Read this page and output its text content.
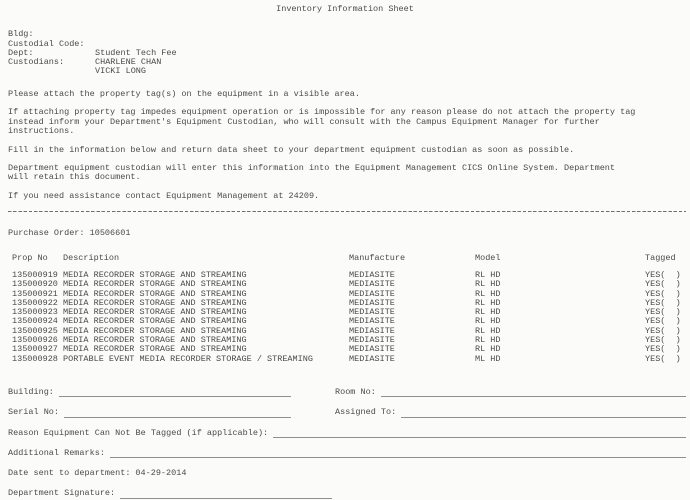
Inventory Information Sheet
Bldg:
Custodial Code:
Dept:	Student Tech Fee
Custodians:	CHARLENE CHAN
VICKI LONG
Please attach the property tag(s) on the equipment in a visible area.
If attaching property tag impedes equipment operation or is impossible for any reason please do not attach the property tag
instead inform your Department's Equipment Custodian, who will consult with the Campus Equipment Manager for further
instructions.
Fill in the information below and return data sheet to your department equipment custodian as soon as possible.
Department equipment custodian will enter this information into the Equipment Management CICS Online System. Department
will retain this document.
If you need assistance contact Equipment Management at 24209.
Purchase Order: 10506601
Prop No Description	Manufacture	Model	Tagged
135000919 MEDIA RECORDER STORAGE AND STREAMING	MEDIASITE	RL HD	YES(  )
135000920 MEDIA RECORDER STORAGE AND STREAMING	MEDIASITE	RL HD	YES(  )
135000921 MEDIA RECORDER STORAGE AND STREAMING	MEDIASITE	RL HD	YES(  )
135000922 MEDIA RECORDER STORAGE AND STREAMING	MEDIASITE	RL HD	YES(  )
135000923 MEDIA RECORDER STORAGE AND STREAMING	MEDIASITE	RL HD	YES(  )
135000924 MEDIA RECORDER STORAGE AND STREAMING	MEDIASITE	RL HD	YES(  )
135000925 MEDIA RECORDER STORAGE AND STREAMING	MEDIASITE	RL HD	YES(  )
135000926 MEDIA RECORDER STORAGE AND STREAMING	MEDIASITE	RL HD	YES(  )
135000927 MEDIA RECORDER STORAGE AND STREAMING	MEDIASITE	RL HD	YES(  )
135000928 PORTABLE EVENT MEDIA RECORDER STORAGE / STREAMING	MEDIASITE	ML HD	YES(  )
Building:	Room No:
Serial No:	Assigned To:
Reason Equipment Can Not Be Tagged (if applicable):
Additional Remarks:
Date sent to department: 04-29-2014
Department Signature:
